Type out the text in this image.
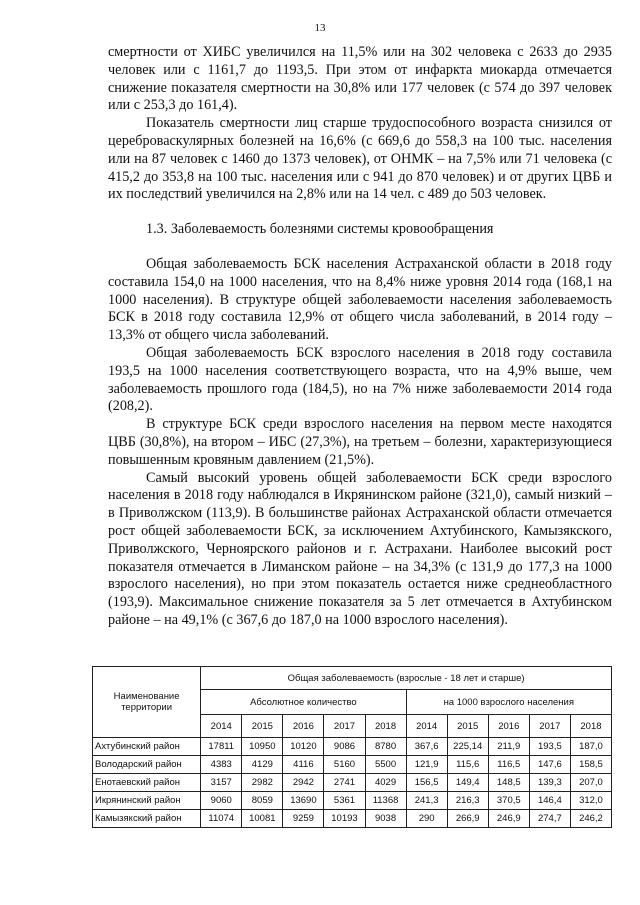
13

смертности от ХИБС увеличился на 11,5% или на 302 человека с 2633 до 2935 человек или с 1161,7 до 1193,5. При этом от инфаркта миокарда отмечается снижение показателя смертности на 30,8% или 177 человек (с 574 до 397 человек или с 253,3 до 161,4).

Показатель смертности лиц старше трудоспособного возраста снизился от цереброваскулярных болезней на 16,6% (с 669,6 до 558,3 на 100 тыс. населения или на 87 человек с 1460 до 1373 человек), от ОНМК – на 7,5% или 71 человека (с 415,2 до 353,8 на 100 тыс. населения или с 941 до 870 человек) и от других ЦВБ и их последствий увеличился на 2,8% или на 14 чел. с 489 до 503 человек.

1.3. Заболеваемость болезнями системы кровообращения

Общая заболеваемость БСК населения Астраханской области в 2018 году составила 154,0 на 1000 населения, что на 8,4% ниже уровня 2014 года (168,1 на 1000 населения). В структуре общей заболеваемости населения заболеваемость БСК в 2018 году составила 12,9% от общего числа заболеваний, в 2014 году – 13,3% от общего числа заболеваний.

Общая заболеваемость БСК взрослого населения в 2018 году составила 193,5 на 1000 населения соответствующего возраста, что на 4,9% выше, чем заболеваемость прошлого года (184,5), но на 7% ниже заболеваемости 2014 года (208,2).

В структуре БСК среди взрослого населения на первом месте находятся ЦВБ (30,8%), на втором – ИБС (27,3%), на третьем – болезни, характеризующиеся повышенным кровяным давлением (21,5%).

Самый высокий уровень общей заболеваемости БСК среди взрослого населения в 2018 году наблюдался в Икрянинском районе (321,0), самый низкий – в Приволжском (113,9). В большинстве районах Астраханской области отмечается рост общей заболеваемости БСК, за исключением Ахтубинского, Камызякского, Приволжского, Черноярского районов и г. Астрахани. Наиболее высокий рост показателя отмечается в Лиманском районе – на 34,3% (с 131,9 до 177,3 на 1000 взрослого населения), но при этом показатель остается ниже среднеобластного (193,9). Максимальное снижение показателя за 5 лет отмечается в Ахтубинском районе – на 49,1% (с 367,6 до 187,0 на 1000 взрослого населения).

Наименование территории	Общая заболеваемость (взрослые - 18 лет и старше)									
	Абсолютное количество					на 1000 взрослого населения				
	2014	2015	2016	2017	2018	2014	2015	2016	2017	2018
Ахтубинский район	17811	10950	10120	9086	8780	367,6	225,14	211,9	193,5	187,0
Володарский район	4383	4129	4116	5160	5500	121,9	115,6	116,5	147,6	158,5
Енотаевский район	3157	2982	2942	2741	4029	156,5	149,4	148,5	139,3	207,0
Икрянинский район	9060	8059	13690	5361	11368	241,3	216,3	370,5	146,4	312,0
Камызякский район	11074	10081	9259	10193	9038	290	266,9	246,9	274,7	246,2
